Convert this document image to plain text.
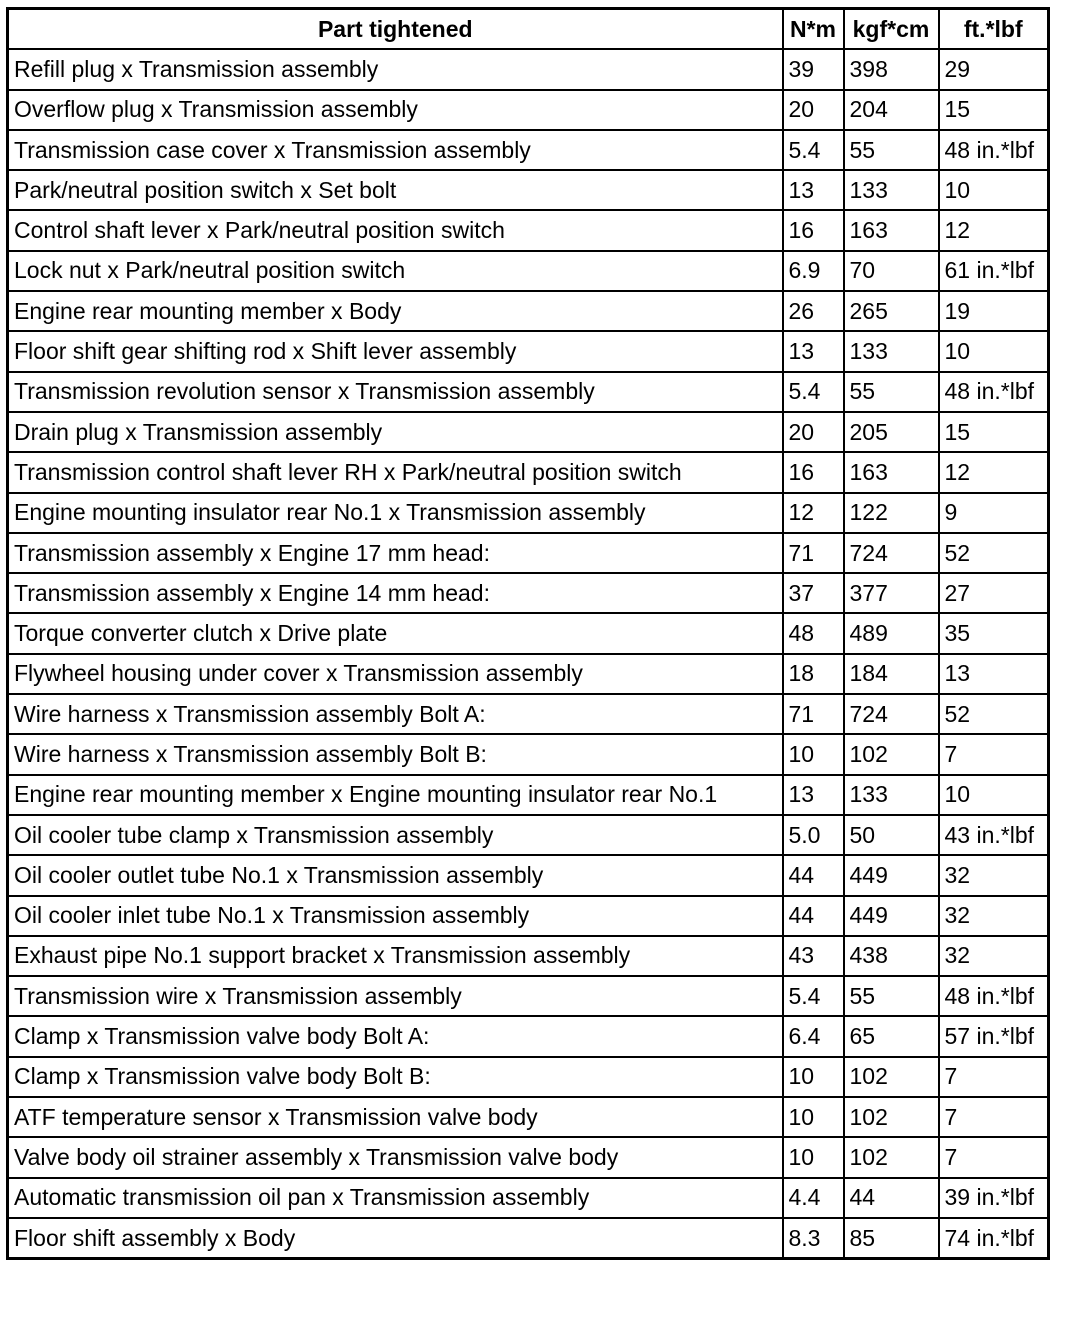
Part tightened	N*m	kgf*cm	ft.*lbf
Refill plug x Transmission assembly	39	398	29
Overflow plug x Transmission assembly	20	204	15
Transmission case cover x Transmission assembly	5.4	55	48 in.*lbf
Park/neutral position switch x Set bolt	13	133	10
Control shaft lever x Park/neutral position switch	16	163	12
Lock nut x Park/neutral position switch	6.9	70	61 in.*lbf
Engine rear mounting member x Body	26	265	19
Floor shift gear shifting rod x Shift lever assembly	13	133	10
Transmission revolution sensor x Transmission assembly	5.4	55	48 in.*lbf
Drain plug x Transmission assembly	20	205	15
Transmission control shaft lever RH x Park/neutral position switch	16	163	12
Engine mounting insulator rear No.1 x Transmission assembly	12	122	9
Transmission assembly x Engine 17 mm head:	71	724	52
Transmission assembly x Engine 14 mm head:	37	377	27
Torque converter clutch x Drive plate	48	489	35
Flywheel housing under cover x Transmission assembly	18	184	13
Wire harness x Transmission assembly Bolt A:	71	724	52
Wire harness x Transmission assembly Bolt B:	10	102	7
Engine rear mounting member x Engine mounting insulator rear No.1	13	133	10
Oil cooler tube clamp x Transmission assembly	5.0	50	43 in.*lbf
Oil cooler outlet tube No.1 x Transmission assembly	44	449	32
Oil cooler inlet tube No.1 x Transmission assembly	44	449	32
Exhaust pipe No.1 support bracket x Transmission assembly	43	438	32
Transmission wire x Transmission assembly	5.4	55	48 in.*lbf
Clamp x Transmission valve body Bolt A:	6.4	65	57 in.*lbf
Clamp x Transmission valve body Bolt B:	10	102	7
ATF temperature sensor x Transmission valve body	10	102	7
Valve body oil strainer assembly x Transmission valve body	10	102	7
Automatic transmission oil pan x Transmission assembly	4.4	44	39 in.*lbf
Floor shift assembly x Body	8.3	85	74 in.*lbf
